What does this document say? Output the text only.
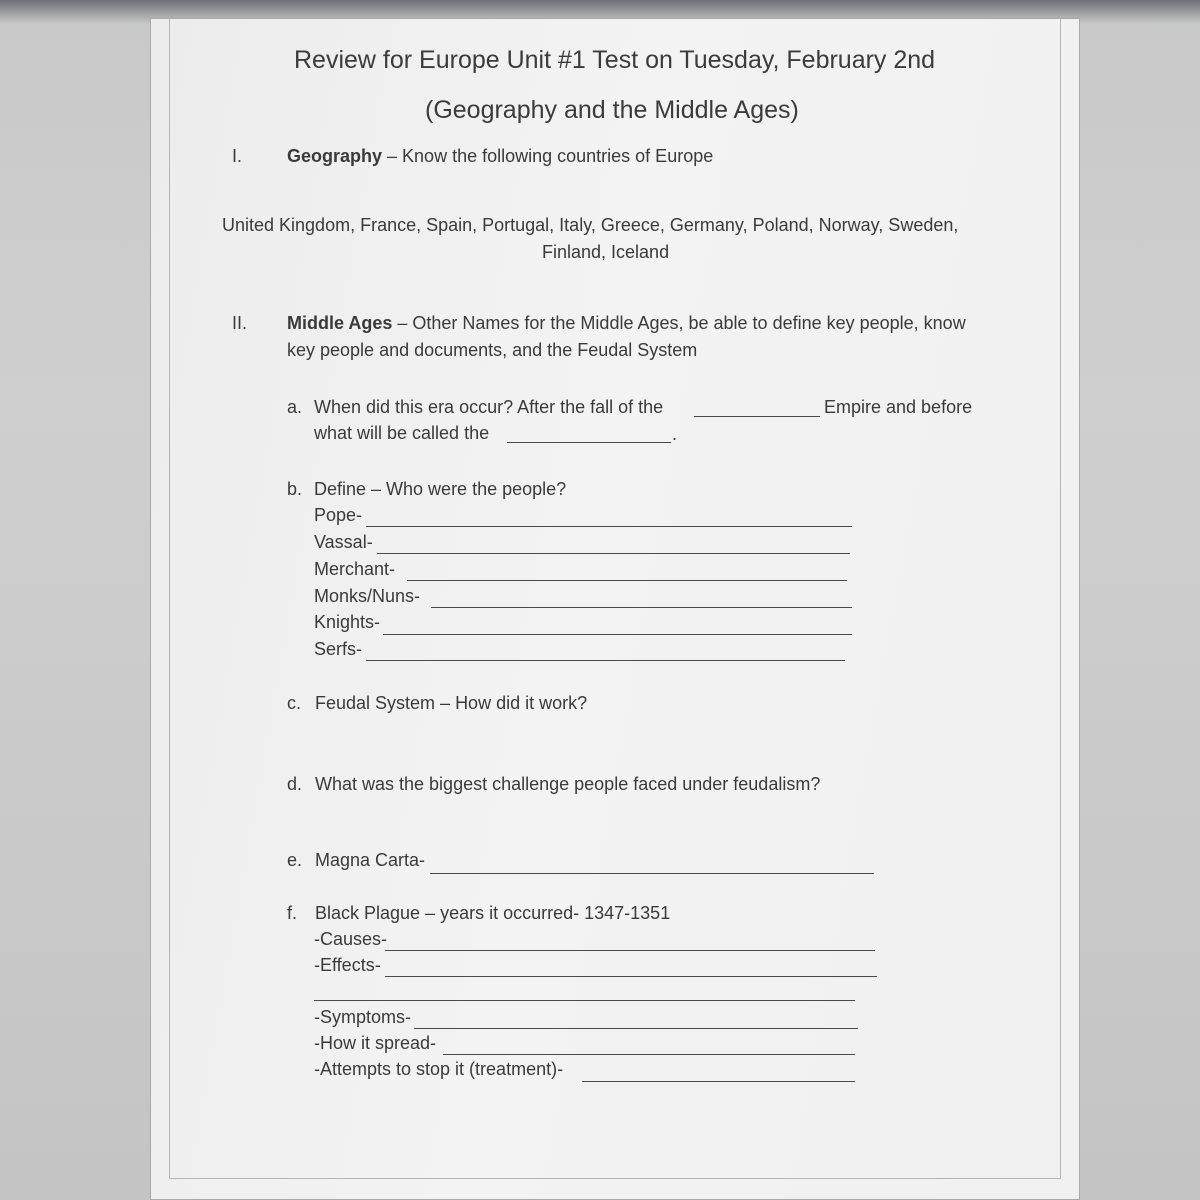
Review for Europe Unit #1 Test on Tuesday, February 2nd
(Geography and the Middle Ages)
I. Geography – Know the following countries of Europe
United Kingdom, France, Spain, Portugal, Italy, Greece, Germany, Poland, Norway, Sweden,
Finland, Iceland
II. Middle Ages – Other Names for the Middle Ages, be able to define key people, know
key people and documents, and the Feudal System
a. When did this era occur? After the fall of the	Empire and before
what will be called the	.
b. Define – Who were the people?
Pope-
Vassal-
Merchant-
Monks/Nuns-
Knights-
Serfs-
c. Feudal System – How did it work?
d. What was the biggest challenge people faced under feudalism?
e. Magna Carta-
f. Black Plague – years it occurred- 1347-1351
-Causes-
-Effects-
-Symptoms-
-How it spread-
-Attempts to stop it (treatment)-
